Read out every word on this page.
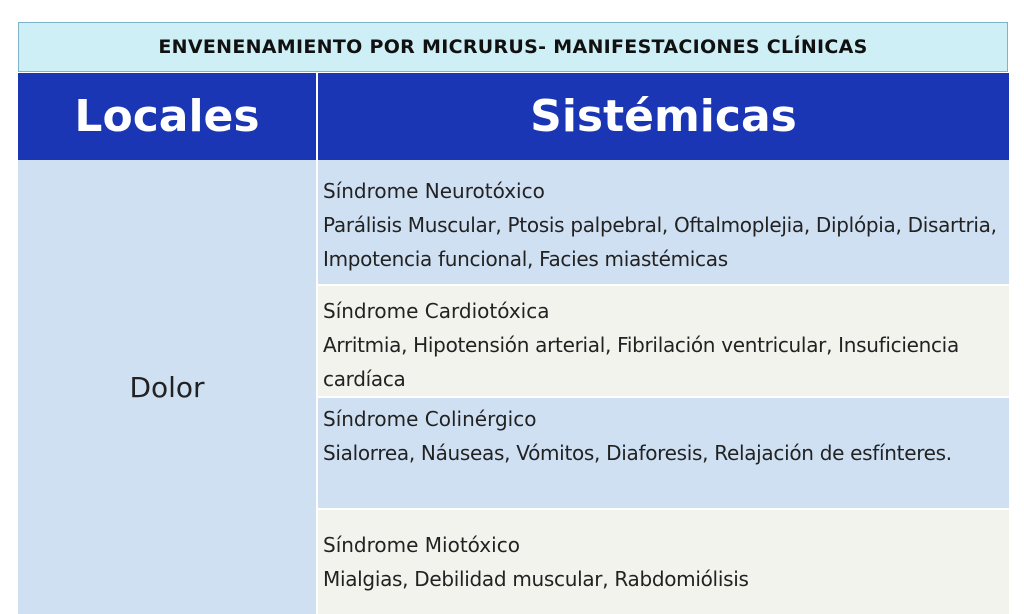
ENVENENAMIENTO POR MICRURUS- MANIFESTACIONES CLÍNICAS
Locales	Sistémicas
Dolor
Síndrome Neurotóxico
Parálisis Muscular, Ptosis palpebral, Oftalmoplejia, Diplópia, Disartria, Impotencia funcional, Facies miastémicas
Síndrome Cardiotóxica
Arritmia, Hipotensión arterial, Fibrilación ventricular, Insuficiencia cardíaca
Síndrome Colinérgico
Sialorrea, Náuseas, Vómitos, Diaforesis, Relajación de esfínteres.
Síndrome Miotóxico
Mialgias, Debilidad muscular, Rabdomiólisis
